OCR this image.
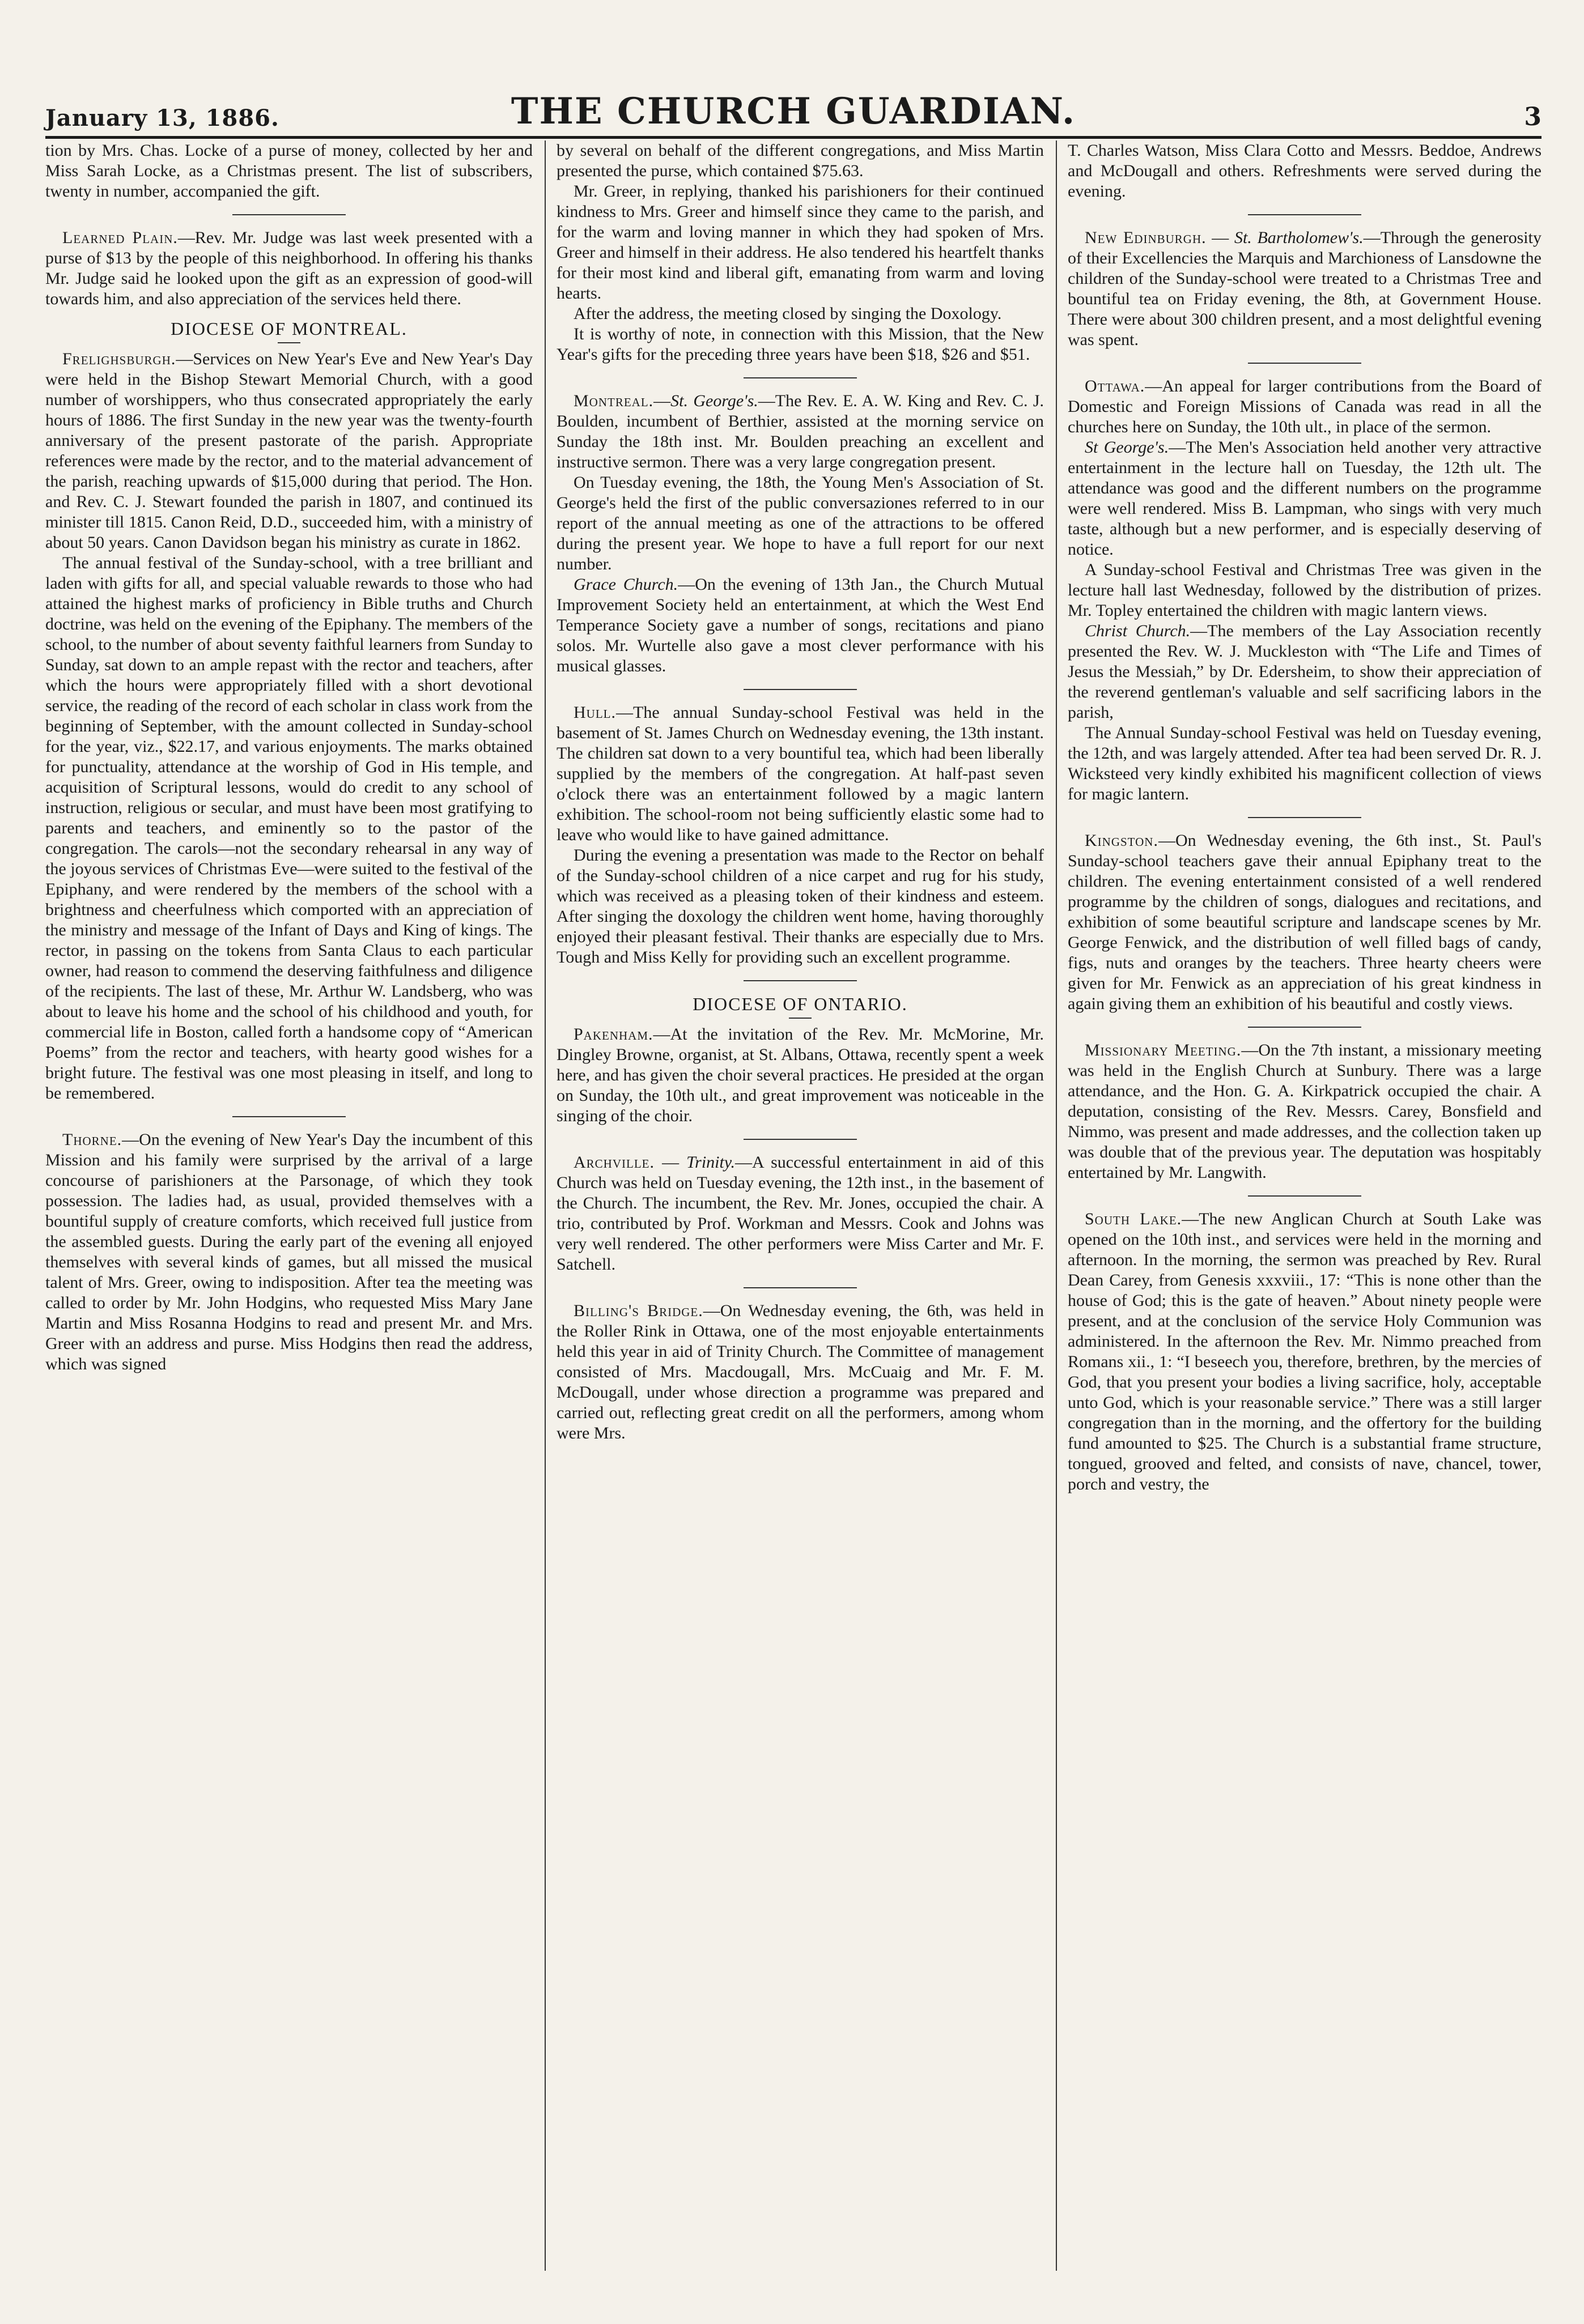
January 13, 1886.	THE CHURCH GUARDIAN.	3

tion by Mrs. Chas. Locke of a purse of money, collected by her and Miss Sarah Locke, as a Christmas present. The list of subscribers, twenty in number, accompanied the gift.

Learned Plain.—Rev. Mr. Judge was last week presented with a purse of $13 by the people of this neighborhood. In offering his thanks Mr. Judge said he looked upon the gift as an expression of good-will towards him, and also appreciation of the services held there.

DIOCESE OF MONTREAL.

Frelighsburgh.—Services on New Year's Eve and New Year's Day were held in the Bishop Stewart Memorial Church, with a good number of worshippers, who thus consecrated appropriately the early hours of 1886. The first Sunday in the new year was the twenty-fourth anniversary of the present pastorate of the parish. Appropriate references were made by the rector, and to the material advancement of the parish, reaching upwards of $15,000 during that period. The Hon. and Rev. C. J. Stewart founded the parish in 1807, and continued its minister till 1815. Canon Reid, D.D., succeeded him, with a ministry of about 50 years. Canon Davidson began his ministry as curate in 1862.

The annual festival of the Sunday-school, with a tree brilliant and laden with gifts for all, and special valuable rewards to those who had attained the highest marks of proficiency in Bible truths and Church doctrine, was held on the evening of the Epiphany. The members of the school, to the number of about seventy faithful learners from Sunday to Sunday, sat down to an ample repast with the rector and teachers, after which the hours were appropriately filled with a short devotional service, the reading of the record of each scholar in class work from the beginning of September, with the amount collected in Sunday-school for the year, viz., $22.17, and various enjoyments. The marks obtained for punctuality, attendance at the worship of God in His temple, and acquisition of Scriptural lessons, would do credit to any school of instruction, religious or secular, and must have been most gratifying to parents and teachers, and eminently so to the pastor of the congregation. The carols—not the secondary rehearsal in any way of the joyous services of Christmas Eve—were suited to the festival of the Epiphany, and were rendered by the members of the school with a brightness and cheerfulness which comported with an appreciation of the ministry and message of the Infant of Days and King of kings. The rector, in passing on the tokens from Santa Claus to each particular owner, had reason to commend the deserving faithfulness and diligence of the recipients. The last of these, Mr. Arthur W. Landsberg, who was about to leave his home and the school of his childhood and youth, for commercial life in Boston, called forth a handsome copy of “American Poems” from the rector and teachers, with hearty good wishes for a bright future. The festival was one most pleasing in itself, and long to be remembered.

Thorne.—On the evening of New Year's Day the incumbent of this Mission and his family were surprised by the arrival of a large concourse of parishioners at the Parsonage, of which they took possession. The ladies had, as usual, provided themselves with a bountiful supply of creature comforts, which received full justice from the assembled guests. During the early part of the evening all enjoyed themselves with several kinds of games, but all missed the musical talent of Mrs. Greer, owing to indisposition. After tea the meeting was called to order by Mr. John Hodgins, who requested Miss Mary Jane Martin and Miss Rosanna Hodgins to read and present Mr. and Mrs. Greer with an address and purse. Miss Hodgins then read the address, which was signed

by several on behalf of the different congregations, and Miss Martin presented the purse, which contained $75.63.

Mr. Greer, in replying, thanked his parishioners for their continued kindness to Mrs. Greer and himself since they came to the parish, and for the warm and loving manner in which they had spoken of Mrs. Greer and himself in their address. He also tendered his heartfelt thanks for their most kind and liberal gift, emanating from warm and loving hearts.

After the address, the meeting closed by singing the Doxology.

It is worthy of note, in connection with this Mission, that the New Year's gifts for the preceding three years have been $18, $26 and $51.

Montreal.—St. George's.—The Rev. E. A. W. King and Rev. C. J. Boulden, incumbent of Berthier, assisted at the morning service on Sunday the 18th inst. Mr. Boulden preaching an excellent and instructive sermon. There was a very large congregation present.

On Tuesday evening, the 18th, the Young Men's Association of St. George's held the first of the public conversaziones referred to in our report of the annual meeting as one of the attractions to be offered during the present year. We hope to have a full report for our next number.

Grace Church.—On the evening of 13th Jan., the Church Mutual Improvement Society held an entertainment, at which the West End Temperance Society gave a number of songs, recitations and piano solos. Mr. Wurtelle also gave a most clever performance with his musical glasses.

Hull.—The annual Sunday-school Festival was held in the basement of St. James Church on Wednesday evening, the 13th instant. The children sat down to a very bountiful tea, which had been liberally supplied by the members of the congregation. At half-past seven o'clock there was an entertainment followed by a magic lantern exhibition. The school-room not being sufficiently elastic some had to leave who would like to have gained admittance.

During the evening a presentation was made to the Rector on behalf of the Sunday-school children of a nice carpet and rug for his study, which was received as a pleasing token of their kindness and esteem. After singing the doxology the children went home, having thoroughly enjoyed their pleasant festival. Their thanks are especially due to Mrs. Tough and Miss Kelly for providing such an excellent programme.

DIOCESE OF ONTARIO.

Pakenham.—At the invitation of the Rev. Mr. McMorine, Mr. Dingley Browne, organist, at St. Albans, Ottawa, recently spent a week here, and has given the choir several practices. He presided at the organ on Sunday, the 10th ult., and great improvement was noticeable in the singing of the choir.

Archville. — Trinity.—A successful entertainment in aid of this Church was held on Tuesday evening, the 12th inst., in the basement of the Church. The incumbent, the Rev. Mr. Jones, occupied the chair. A trio, contributed by Prof. Workman and Messrs. Cook and Johns was very well rendered. The other performers were Miss Carter and Mr. F. Satchell.

Billing's Bridge.—On Wednesday evening, the 6th, was held in the Roller Rink in Ottawa, one of the most enjoyable entertainments held this year in aid of Trinity Church. The Committee of management consisted of Mrs. Macdougall, Mrs. McCuaig and Mr. F. M. McDougall, under whose direction a programme was prepared and carried out, reflecting great credit on all the performers, among whom were Mrs.

T. Charles Watson, Miss Clara Cotto and Messrs. Beddoe, Andrews and McDougall and others. Refreshments were served during the evening.

New Edinburgh. — St. Bartholomew's.—Through the generosity of their Excellencies the Marquis and Marchioness of Lansdowne the children of the Sunday-school were treated to a Christmas Tree and bountiful tea on Friday evening, the 8th, at Government House. There were about 300 children present, and a most delightful evening was spent.

Ottawa.—An appeal for larger contributions from the Board of Domestic and Foreign Missions of Canada was read in all the churches here on Sunday, the 10th ult., in place of the sermon.

St George's.—The Men's Association held another very attractive entertainment in the lecture hall on Tuesday, the 12th ult. The attendance was good and the different numbers on the programme were well rendered. Miss B. Lampman, who sings with very much taste, although but a new performer, and is especially deserving of notice.

A Sunday-school Festival and Christmas Tree was given in the lecture hall last Wednesday, followed by the distribution of prizes. Mr. Topley entertained the children with magic lantern views.

Christ Church.—The members of the Lay Association recently presented the Rev. W. J. Muckleston with “The Life and Times of Jesus the Messiah,” by Dr. Edersheim, to show their appreciation of the reverend gentleman's valuable and self sacrificing labors in the parish,

The Annual Sunday-school Festival was held on Tuesday evening, the 12th, and was largely attended. After tea had been served Dr. R. J. Wicksteed very kindly exhibited his magnificent collection of views for magic lantern.

Kingston.—On Wednesday evening, the 6th inst., St. Paul's Sunday-school teachers gave their annual Epiphany treat to the children. The evening entertainment consisted of a well rendered programme by the children of songs, dialogues and recitations, and exhibition of some beautiful scripture and landscape scenes by Mr. George Fenwick, and the distribution of well filled bags of candy, figs, nuts and oranges by the teachers. Three hearty cheers were given for Mr. Fenwick as an appreciation of his great kindness in again giving them an exhibition of his beautiful and costly views.

Missionary Meeting.—On the 7th instant, a missionary meeting was held in the English Church at Sunbury. There was a large attendance, and the Hon. G. A. Kirkpatrick occupied the chair. A deputation, consisting of the Rev. Messrs. Carey, Bonsfield and Nimmo, was present and made addresses, and the collection taken up was double that of the previous year. The deputation was hospitably entertained by Mr. Langwith.

South Lake.—The new Anglican Church at South Lake was opened on the 10th inst., and services were held in the morning and afternoon. In the morning, the sermon was preached by Rev. Rural Dean Carey, from Genesis xxxviii., 17: “This is none other than the house of God; this is the gate of heaven.” About ninety people were present, and at the conclusion of the service Holy Communion was administered. In the afternoon the Rev. Mr. Nimmo preached from Romans xii., 1: “I beseech you, therefore, brethren, by the mercies of God, that you present your bodies a living sacrifice, holy, acceptable unto God, which is your reasonable service.” There was a still larger congregation than in the morning, and the offertory for the building fund amounted to $25. The Church is a substantial frame structure, tongued, grooved and felted, and consists of nave, chancel, tower, porch and vestry, the
